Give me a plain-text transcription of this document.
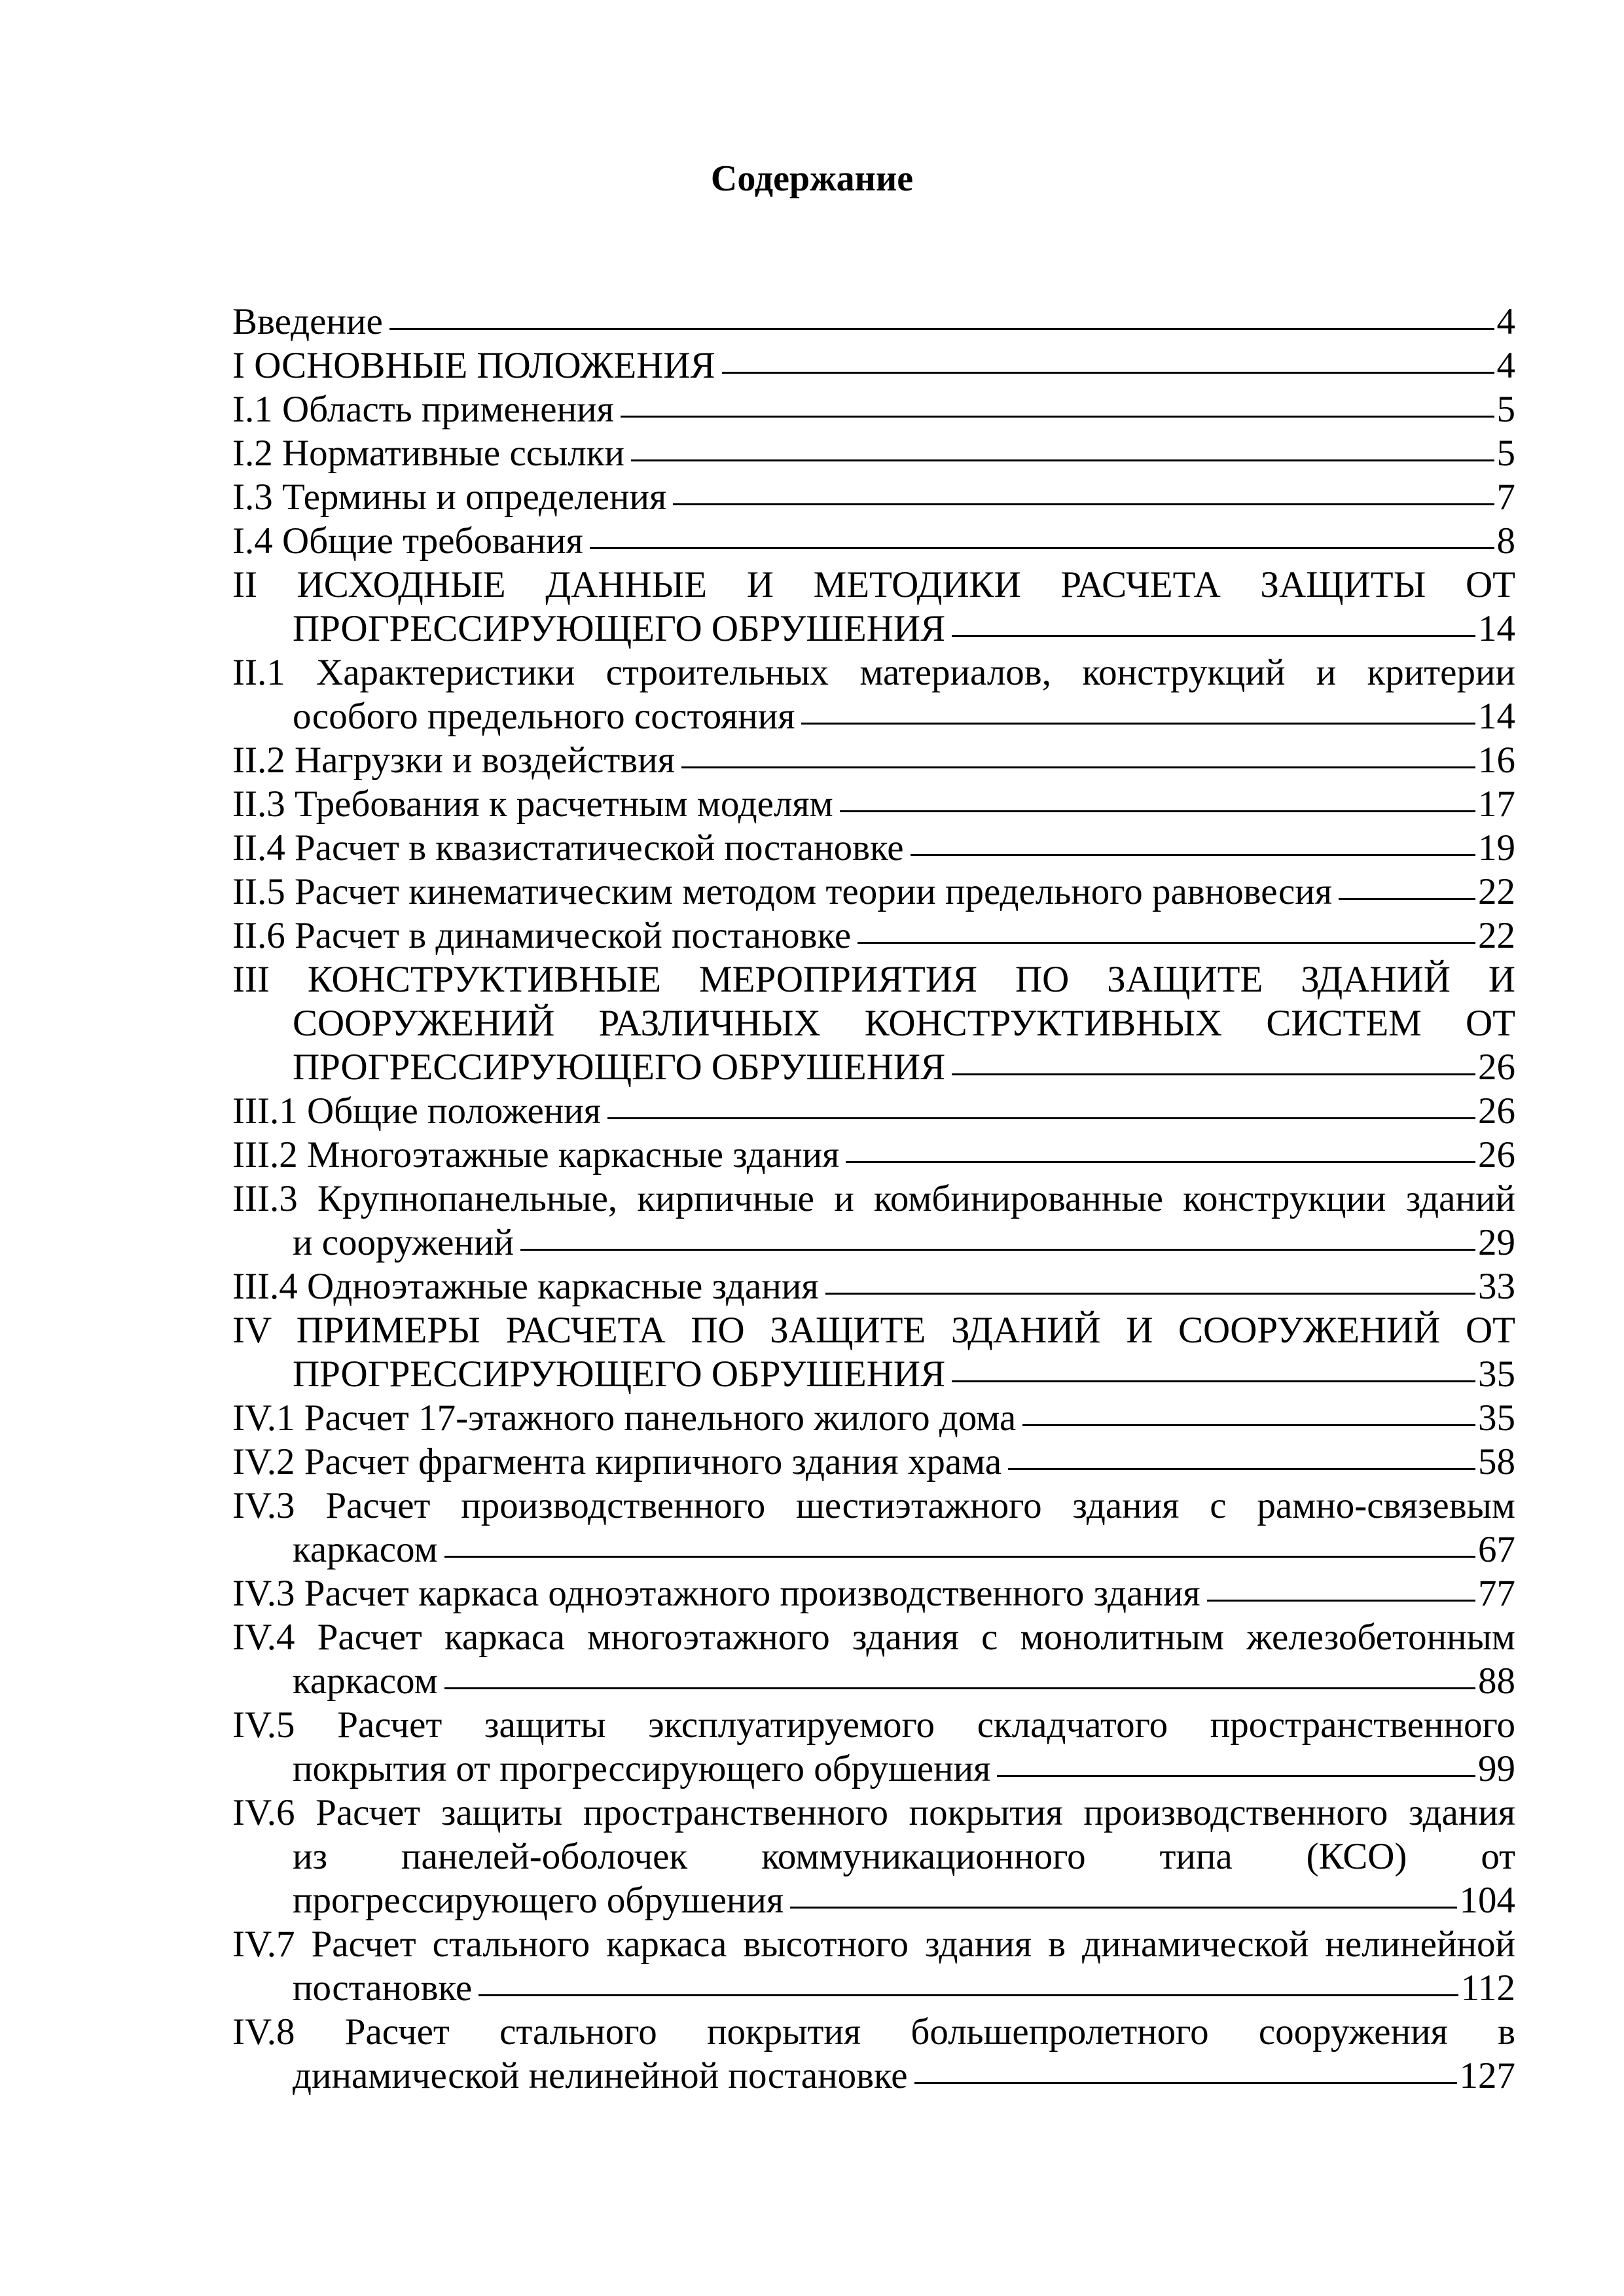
Содержание
Введение	4
I ОСНОВНЫЕ ПОЛОЖЕНИЯ	4
I.1 Область применения	5
I.2 Нормативные ссылки	5
I.3 Термины и определения	7
I.4 Общие требования	8
II ИСХОДНЫЕ ДАННЫЕ И МЕТОДИКИ РАСЧЕТА ЗАЩИТЫ ОТ
ПРОГРЕССИРУЮЩЕГО ОБРУШЕНИЯ	14
II.1 Характеристики строительных материалов, конструкций и критерии
особого предельного состояния	14
II.2 Нагрузки и воздействия	16
II.3 Требования к расчетным моделям	17
II.4 Расчет в квазистатической постановке	19
II.5 Расчет кинематическим методом теории предельного равновесия	22
II.6 Расчет в динамической постановке	22
III КОНСТРУКТИВНЫЕ МЕРОПРИЯТИЯ ПО ЗАЩИТЕ ЗДАНИЙ И
СООРУЖЕНИЙ РАЗЛИЧНЫХ КОНСТРУКТИВНЫХ СИСТЕМ ОТ
ПРОГРЕССИРУЮЩЕГО ОБРУШЕНИЯ	26
III.1 Общие положения	26
III.2 Многоэтажные каркасные здания	26
III.3 Крупнопанельные, кирпичные и комбинированные конструкции зданий
и сооружений	29
III.4 Одноэтажные каркасные здания	33
IV ПРИМЕРЫ РАСЧЕТА ПО ЗАЩИТЕ ЗДАНИЙ И СООРУЖЕНИЙ ОТ
ПРОГРЕССИРУЮЩЕГО ОБРУШЕНИЯ	35
IV.1 Расчет 17-этажного панельного жилого дома	35
IV.2 Расчет фрагмента кирпичного здания храма	58
IV.3 Расчет производственного шестиэтажного здания с рамно-связевым
каркасом	67
IV.3 Расчет каркаса одноэтажного производственного здания	77
IV.4 Расчет каркаса многоэтажного здания с монолитным железобетонным
каркасом	88
IV.5 Расчет защиты эксплуатируемого складчатого пространственного
покрытия от прогрессирующего обрушения	99
IV.6 Расчет защиты пространственного покрытия производственного здания
из панелей-оболочек коммуникационного типа (КСО) от
прогрессирующего обрушения	104
IV.7 Расчет стального каркаса высотного здания в динамической нелинейной
постановке	112
IV.8 Расчет стального покрытия большепролетного сооружения в
динамической нелинейной постановке	127
